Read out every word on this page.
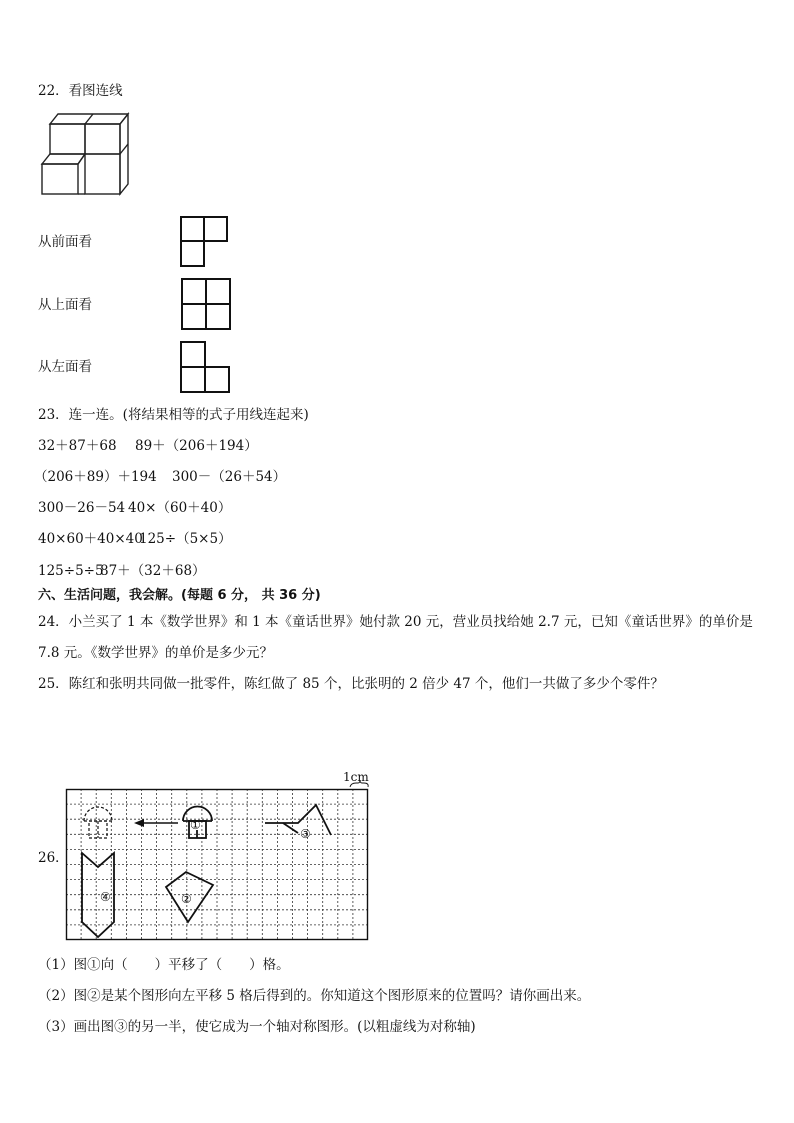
22．看图连线
从前面看
从上面看
从左面看
23．连一连。(将结果相等的式子用线连起来)
32＋87＋68 89＋（206＋194）
（206＋89）＋194 300－（26＋54）
300－26－54 40×（60＋40）
40×60＋40×40
125÷（5×5）
125÷5÷5
87＋（32＋68）
六、生活问题，我会解。(每题 6 分， 共 36 分)
24．小兰买了 1 本《数学世界》和 1 本《童话世界》她付款 20 元，营业员找给她 2.7 元，已知《童话世界》的单价是
7.8 元。《数学世界》的单价是多少元？
25．陈红和张明共同做一批零件，陈红做了 85 个，比张明的 2 倍少 47 个，他们一共做了多少个零件？
26．
1cm
①
③
④	②
（1）图①向（　　）平移了（　　）格。
（2）图②是某个图形向左平移 5 格后得到的。你知道这个图形原来的位置吗？请你画出来。
（3）画出图③的另一半，使它成为一个轴对称图形。(以粗虚线为对称轴)
